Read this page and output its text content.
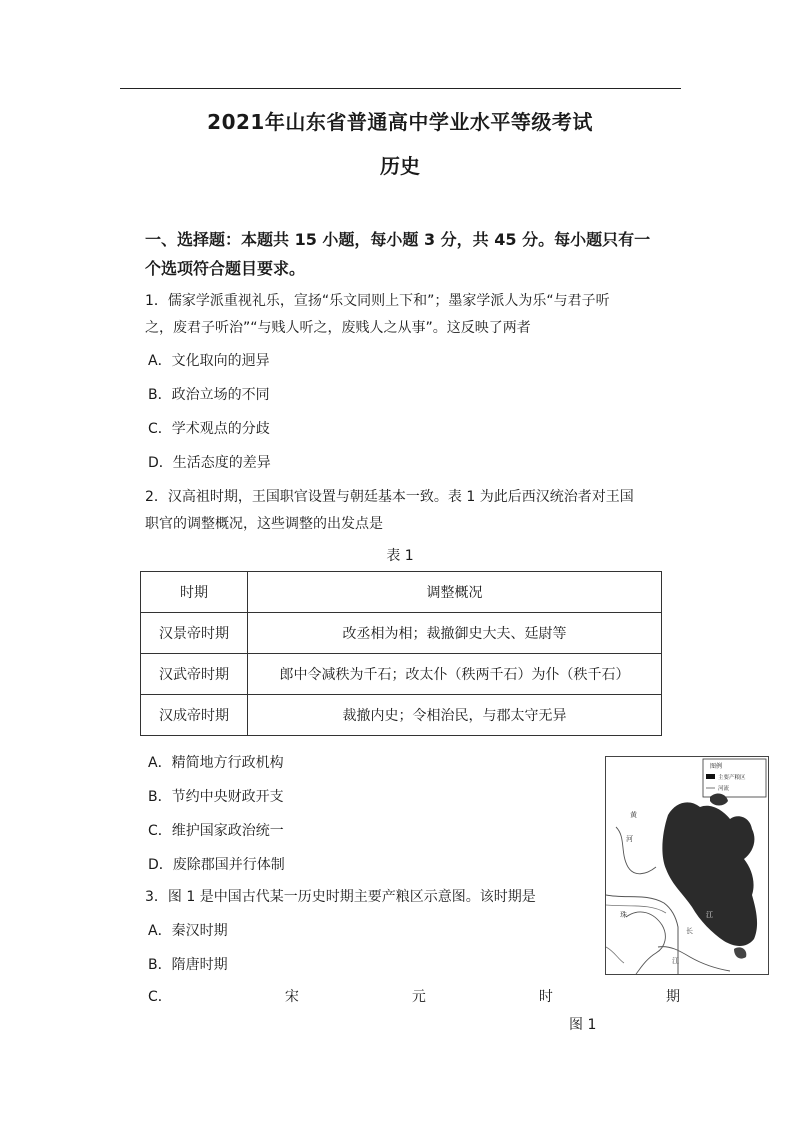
2021年山东省普通高中学业水平等级考试
历史
一、选择题：本题共 15 小题，每小题 3 分，共 45 分。每小题只有一
个选项符合题目要求。
1．儒家学派重视礼乐，宣扬“乐文同则上下和”；墨家学派人为乐“与君子听
之，废君子听治”“与贱人听之，废贱人之从事”。这反映了两者
A．文化取向的迥异
B．政治立场的不同
C．学术观点的分歧
D．生活态度的差异
2．汉高祖时期，王国职官设置与朝廷基本一致。表 1 为此后西汉统治者对王国
职官的调整概况，这些调整的出发点是
表 1
时期	调整概况
汉景帝时期	改丞相为相；裁撤御史大夫、廷尉等
汉武帝时期	郎中令减秩为千石；改太仆（秩两千石）为仆（秩千石）
汉成帝时期	裁撤内史；令相治民，与郡太守无异
A．精简地方行政机构
B．节约中央财政开支
C．维护国家政治统一
D．废除郡国并行体制
3．图 1 是中国古代某一历史时期主要产粮区示意图。该时期是
A．秦汉时期
B．隋唐时期
C．	宋	元	时	期
图 1
图例
主要产粮区
河流
黄
河
江
长
江
珠
